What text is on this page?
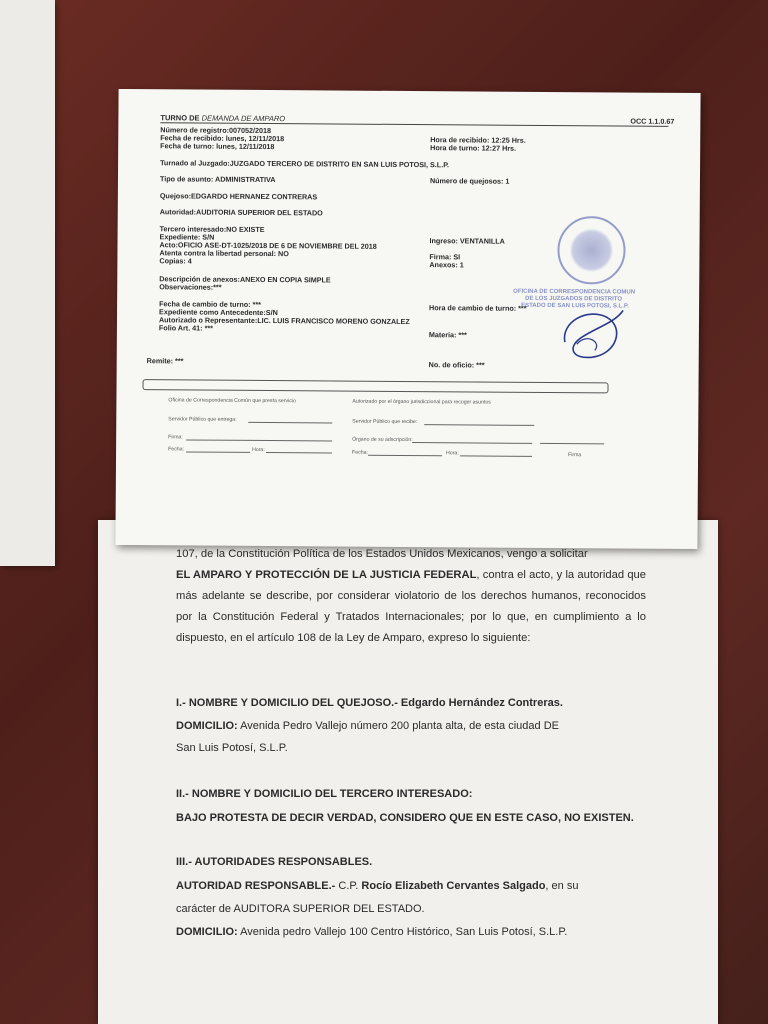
TURNO DE DEMANDA DE AMPARO	OCC 1.1.0.67
Número de registro:007052/2018
Fecha de recibido: lunes, 12/11/2018	Hora de recibido: 12:25 Hrs.
Fecha de turno: lunes, 12/11/2018	Hora de turno: 12:27 Hrs.
Turnado al Juzgado:JUZGADO TERCERO DE DISTRITO EN SAN LUIS POTOSI, S.L.P.
Tipo de asunto: ADMINISTRATIVA	Número de quejosos: 1
Quejoso:EDGARDO HERNANEZ CONTRERAS
Autoridad:AUDITORIA SUPERIOR DEL ESTADO
Tercero interesado:NO EXISTE
Expediente: S/N	Ingreso: VENTANILLA
Acto:OFICIO ASE-DT-1025/2018 DE 6 DE NOVIEMBRE DEL 2018
Atenta contra la libertad personal: NO	Firma: SI
Copias: 4	Anexos: 1
Descripción de anexos:ANEXO EN COPIA SIMPLE
Observaciones:***
Fecha de cambio de turno: ***	Hora de cambio de turno: ***
Expediente como Antecedente:S/N
Autorizado o Representante:LIC. LUIS FRANCISCO MORENO GONZALEZ
Folio Art. 41: ***
Materia: ***
Remite: ***	No. de oficio: ***
Oficina de Correspondencia Común que presta servicio	Autorizado por el órgano jurisdiccional para recoger asuntos
Servidor Público que entrega:	Servidor Público que recibe:
Firma:	Órgano de su adscripción:
Fecha:	Hora:	Fecha:	Hora:	Firma
OFICINA DE CORRESPONDENCIA COMUN
DE LOS JUZGADOS DE DISTRITO
ESTADO DE SAN LUIS POTOSI, S.L.P.

107, de la Constitución Política de los Estados Unidos Mexicanos, vengo a solicitar

EL AMPARO Y PROTECCIÓN DE LA JUSTICIA FEDERAL, contra el acto, y la autoridad que más adelante se describe, por considerar violatorio de los derechos humanos, reconocidos por la Constitución Federal y Tratados Internacionales; por lo que, en cumplimiento a lo dispuesto, en el artículo 108 de la Ley de Amparo, expreso lo siguiente:

I.- NOMBRE Y DOMICILIO DEL QUEJOSO.- Edgardo Hernández Contreras.
DOMICILIO: Avenida Pedro Vallejo número 200 planta alta, de esta ciudad DE
San Luis Potosí, S.L.P.
II.- NOMBRE Y DOMICILIO DEL TERCERO INTERESADO:
BAJO PROTESTA DE DECIR VERDAD, CONSIDERO QUE EN ESTE CASO, NO EXISTEN.
III.- AUTORIDADES RESPONSABLES.
AUTORIDAD RESPONSABLE.- C.P. Rocío Elizabeth Cervantes Salgado, en su
carácter de AUDITORA SUPERIOR DEL ESTADO.
DOMICILIO: Avenida pedro Vallejo 100 Centro Histórico, San Luis Potosí, S.L.P.
